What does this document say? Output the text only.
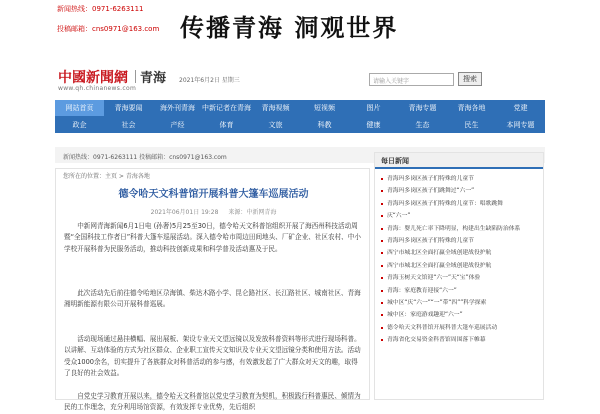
新闻热线：0971-6263111
投稿邮箱：cns0971@163.com 传播青海 洞观世界
中國新聞網 青海
www.qh.chinanews.com
2021年6月2日 星期三	请输入关键字	搜索
网站首页	青海要闻	海外刊青海	中新记者在青海	青海视频	短视频	图片	青海专题	青海各地	党建
政企	社会	产经	体育	文旅	科教	健康	生态	民生	本网专题
新闻热线：0971-6263111 投稿邮箱：cns0971@163.com
您所在的位置：主页 > 青海各地
德令哈天文科普馆开展科普大篷车巡展活动
2021年06月01日 19:28 来源：中新网青海

中新网青海新闻6月1日电 (孙奢)5月25至30日，德令哈天文科普馆组织开展了海西州科技活动周暨“全国科技工作者日”科普大篷车巡展活动。深入德令哈市周边田间地头、厂矿企业、社区农村、中小学校开展科普为民服务活动，推动科技创新成果和科学普及活动惠及于民。

此次活动先后前往德令哈地区尕海镇、柴达木路小学、昆仑路社区、长江路社区、城南社区、青海湘明新能源有限公司开展科普巡展。

活动现场通过悬挂横幅、展出展板、架设专业天文望远镜以及发放科普资料等形式进行现场科普。以讲解、互动体验的方式为社区群众、企业职工宣传天文知识及专业天文望远镜分类和使用方法。活动受众1000余名，切实提升了各族群众对科普活动的参与感，有效激发起了广大群众对天文的趣，取得了良好的社会效益。

自党史学习教育开展以来，德令哈天文科普馆以党史学习教育为契机，积极践行科普惠民、倾情为民的工作理念，充分利用场馆资源，有效发挥专业优势，先后组织

每日新闻
青海玛多岗区孩子们特殊的儿童节
青海玛多岗区孩子们跳舞过“六一”
青海玛多岗区孩子们特殊的儿童节：唱歌跳舞
庆“六一”
青海：婴儿死亡率下降明显，构建出生缺陷防治体系
青海玛多岗区孩子们特殊的儿童节
西宁市城北区全面打赢全域创建战役护航
西宁市城北区全面打赢全域创建战役护航
青海玉树天文馆迎“六一”天“宝”体验
青海：家庭教育迎接“六一”
城中区“庆“六一”“一”带“四””科学探索
城中区：家庭游戏趣迎“六一”
德令哈天文科普馆开展科普大篷车巡展活动
青海省化交易资金科普馆周围落下帷幕
